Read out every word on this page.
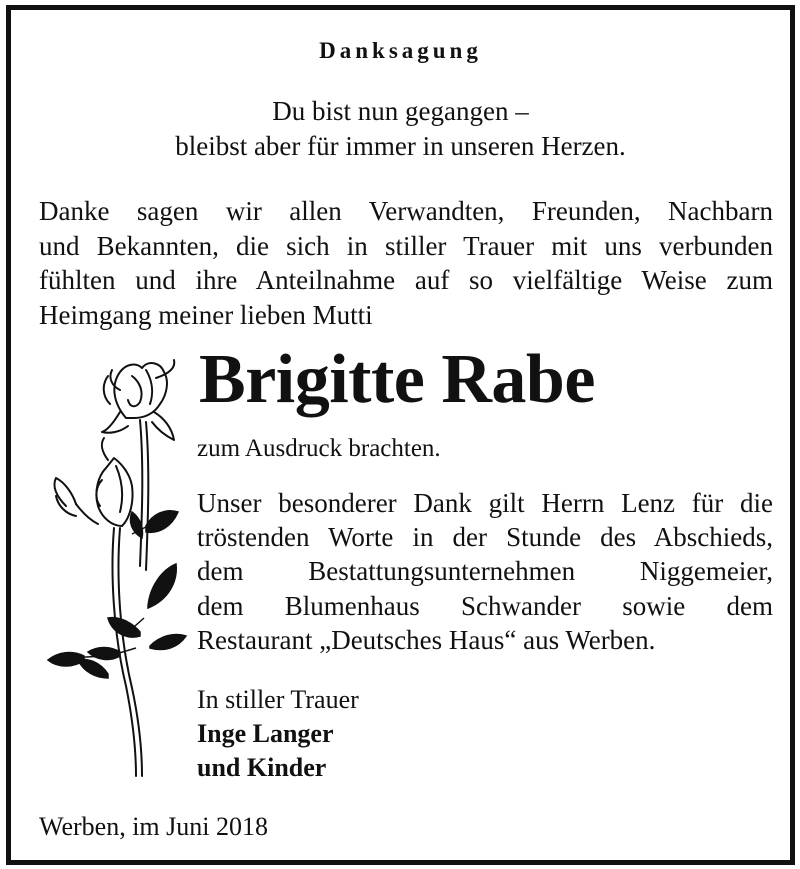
Danksagung
Du bist nun gegangen –
bleibst aber für immer in unseren Herzen.
Danke sagen wir allen Verwandten, Freunden, Nachbarn
und Bekannten, die sich in stiller Trauer mit uns verbunden
fühlten und ihre Anteilnahme auf so vielfältige Weise zum
Heimgang meiner lieben Mutti
Brigitte Rabe
zum Ausdruck brachten.
Unser besonderer Dank gilt Herrn Lenz für die
tröstenden Worte in der Stunde des Abschieds,
dem Bestattungsunternehmen Niggemeier,
dem Blumenhaus Schwander sowie dem
Restaurant „Deutsches Haus“ aus Werben.
In stiller Trauer
Inge Langer
und Kinder
Werben, im Juni 2018
